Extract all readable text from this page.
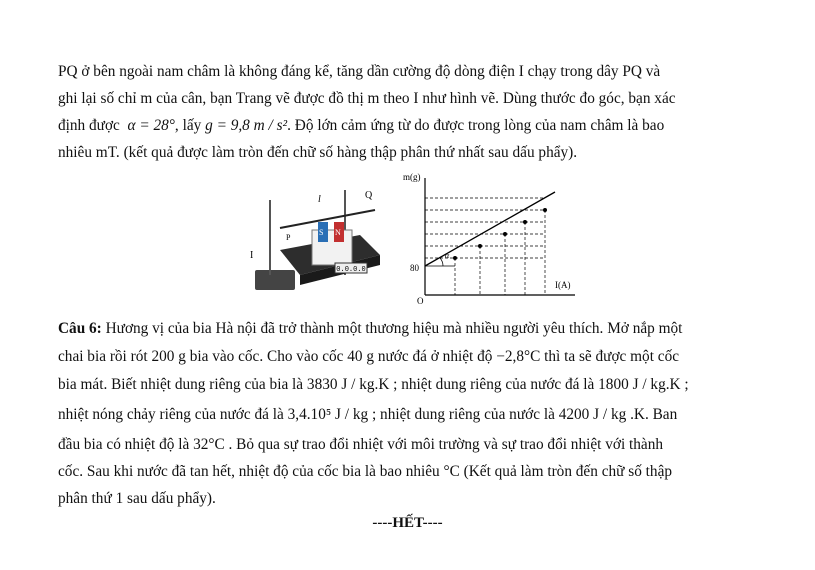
PQ ở bên ngoài nam châm là không đáng kể, tăng dần cường độ dòng điện I chạy trong dây PQ và
ghi lại số chỉ m của cân, bạn Trang vẽ được đồ thị m theo I như hình vẽ. Dùng thước đo góc, bạn xác
định được α = 28°, lấy g = 9,8 m / s². Độ lớn cảm ứng từ do được trong lòng của nam châm là bao
nhiêu mT. (kết quả được làm tròn đến chữ số hàng thập phân thứ nhất sau dấu phẩy).
0.0.0.0
Q
l
S N
I
P
m(g)
I(A)
80
O
α
Câu 6: Hương vị của bia Hà nội đã trở thành một thương hiệu mà nhiều người yêu thích. Mở nắp một
chai bia rồi rót 200 g bia vào cốc. Cho vào cốc 40 g nước đá ở nhiệt độ −2,8°C thì ta sẽ được một cốc
bia mát. Biết nhiệt dung riêng của bia là 3830 J / kg.K ; nhiệt dung riêng của nước đá là 1800 J / kg.K ;
nhiệt nóng chảy riêng của nước đá là 3,4.10⁵ J / kg ; nhiệt dung riêng của nước là 4200 J / kg .K. Ban
đầu bia có nhiệt độ là 32°C . Bỏ qua sự trao đổi nhiệt với môi trường và sự trao đổi nhiệt với thành
cốc. Sau khi nước đã tan hết, nhiệt độ của cốc bia là bao nhiêu °C (Kết quả làm tròn đến chữ số thập
phân thứ 1 sau dấu phẩy).
----HẾT----
